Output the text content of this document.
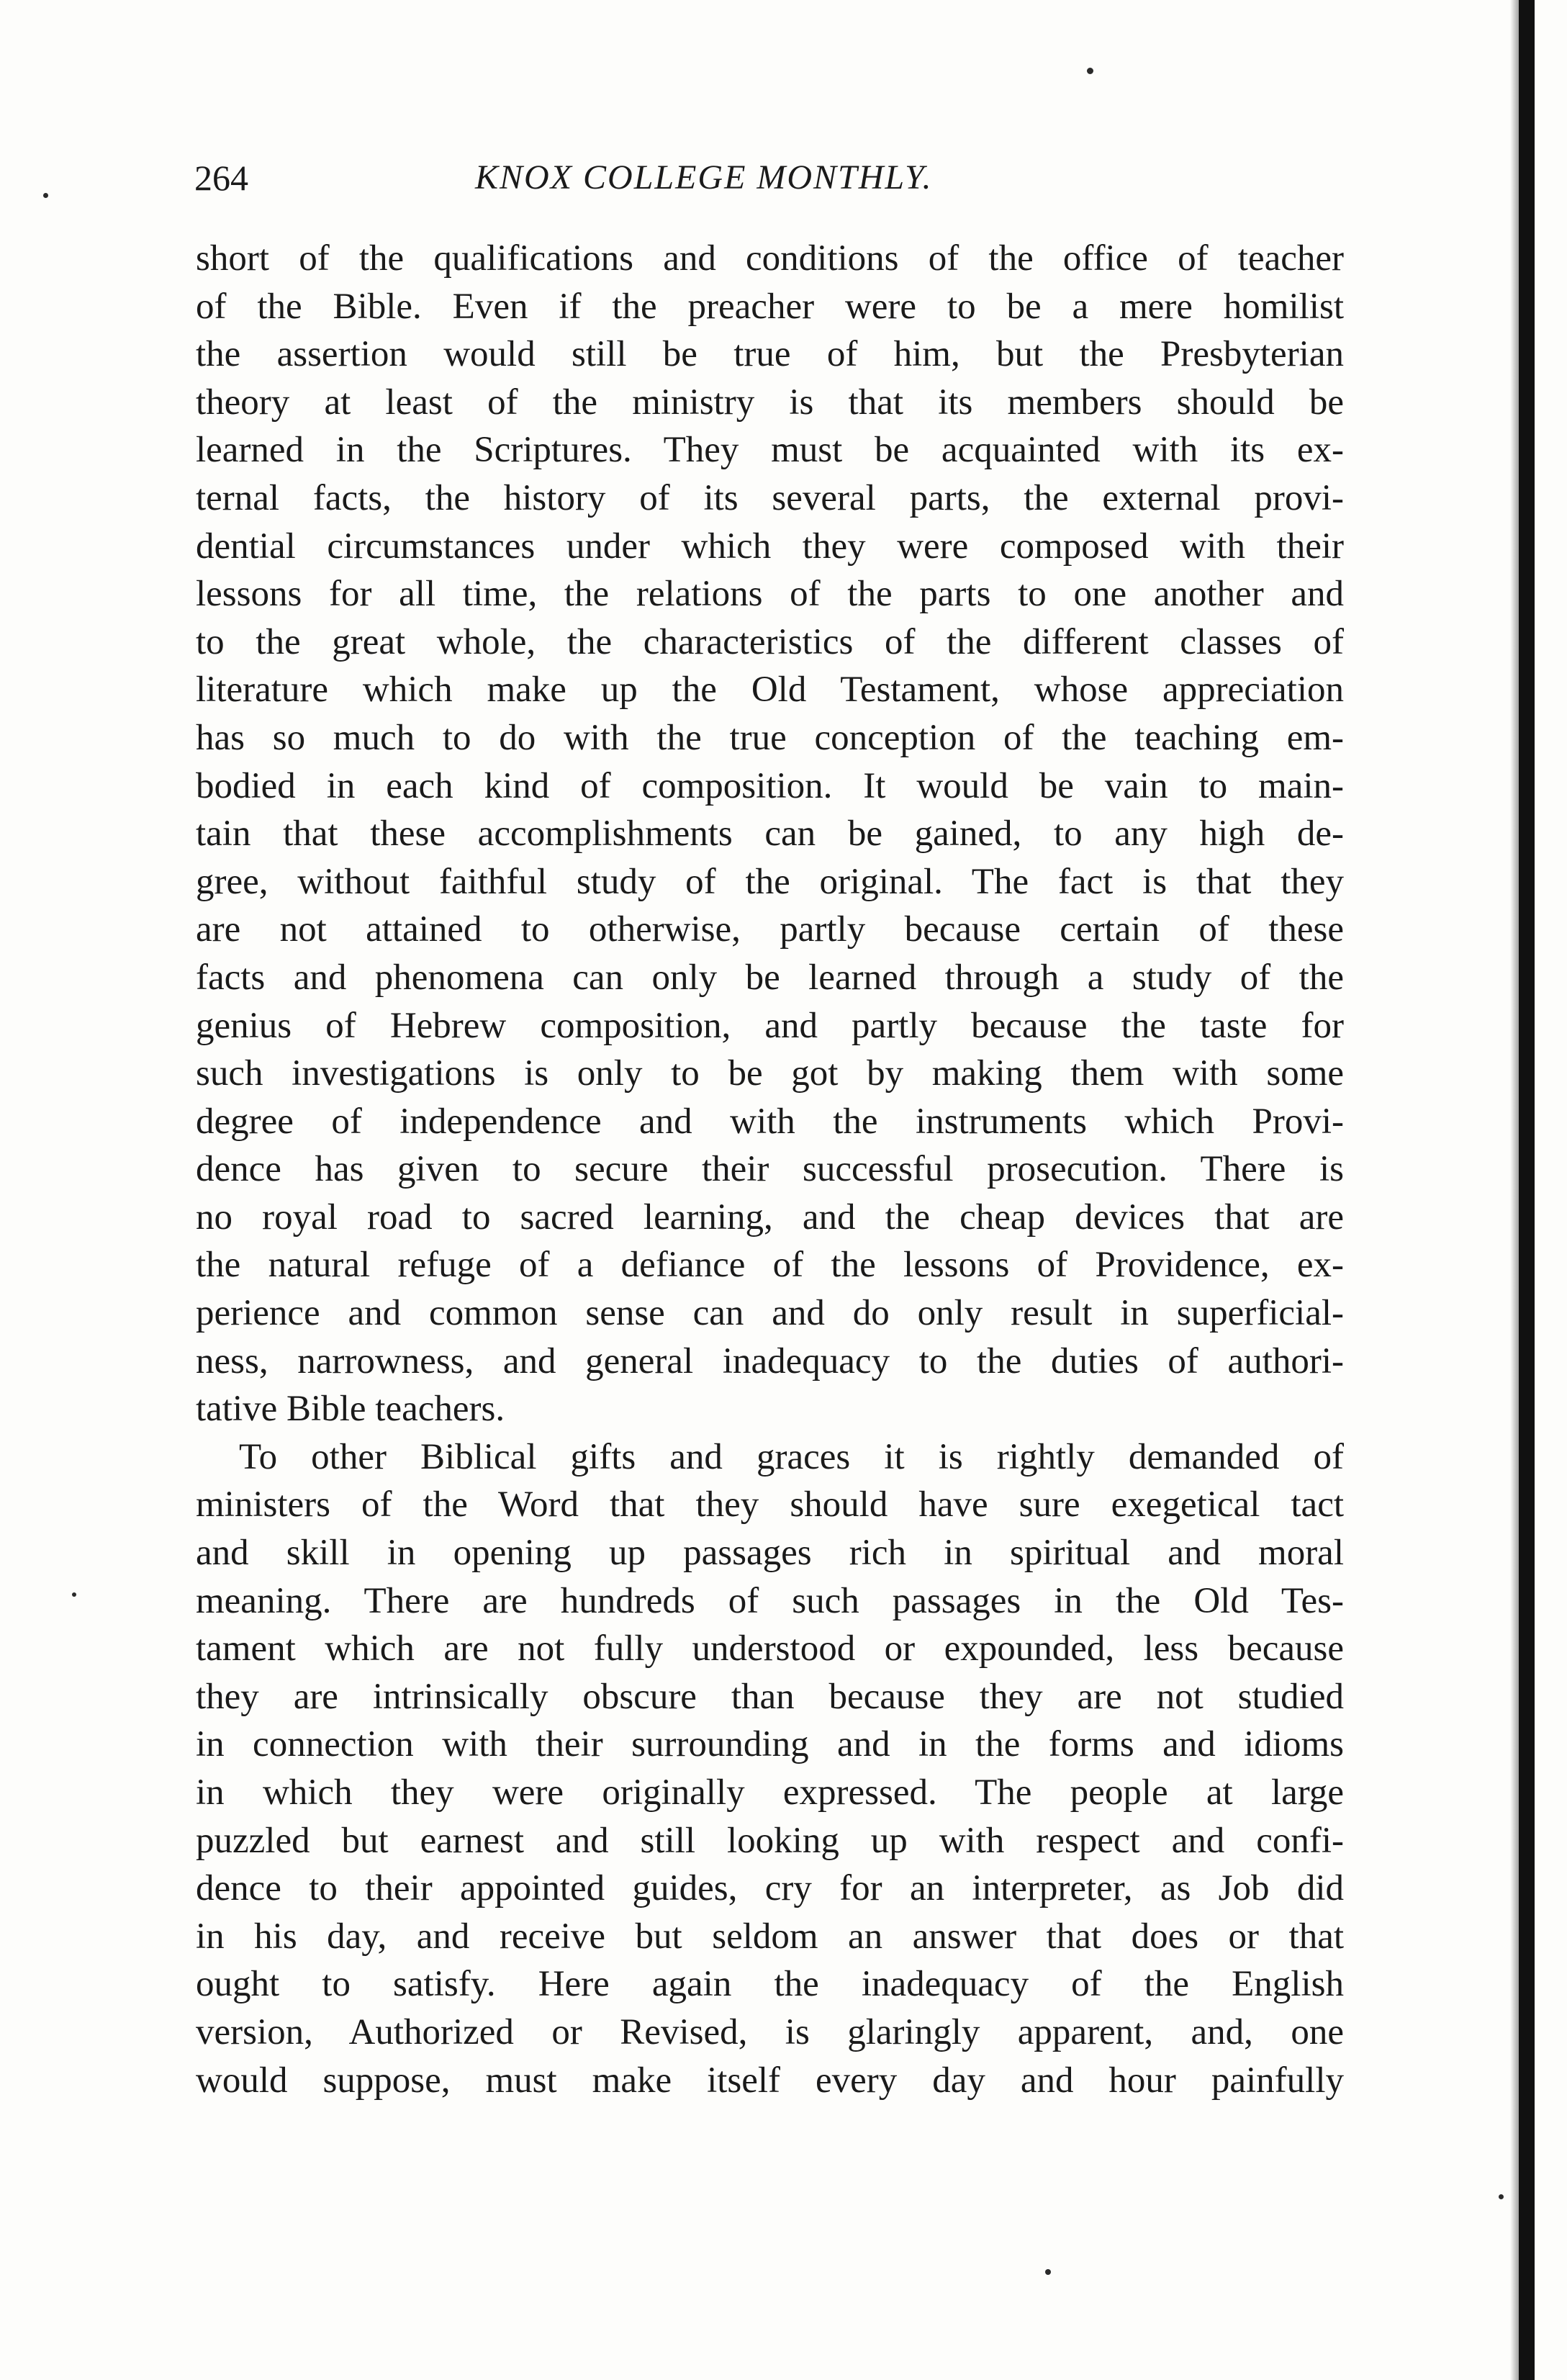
264	KNOX COLLEGE MONTHLY.
short of the qualifications and conditions of the office of teacher
of the Bible. Even if the preacher were to be a mere homilist
the assertion would still be true of him, but the Presbyterian
theory at least of the ministry is that its members should be
learned in the Scriptures. They must be acquainted with its ex-
ternal facts, the history of its several parts, the external provi-
dential circumstances under which they were composed with their
lessons for all time, the relations of the parts to one another and
to the great whole, the characteristics of the different classes of
literature which make up the Old Testament, whose appreciation
has so much to do with the true conception of the teaching em-
bodied in each kind of composition. It would be vain to main-
tain that these accomplishments can be gained, to any high de-
gree, without faithful study of the original. The fact is that they
are not attained to otherwise, partly because certain of these
facts and phenomena can only be learned through a study of the
genius of Hebrew composition, and partly because the taste for
such investigations is only to be got by making them with some
degree of independence and with the instruments which Provi-
dence has given to secure their successful prosecution. There is
no royal road to sacred learning, and the cheap devices that are
the natural refuge of a defiance of the lessons of Providence, ex-
perience and common sense can and do only result in superficial-
ness, narrowness, and general inadequacy to the duties of authori-
tative Bible teachers.
To other Biblical gifts and graces it is rightly demanded of
ministers of the Word that they should have sure exegetical tact
and skill in opening up passages rich in spiritual and moral
meaning. There are hundreds of such passages in the Old Tes-
tament which are not fully understood or expounded, less because
they are intrinsically obscure than because they are not studied
in connection with their surrounding and in the forms and idioms
in which they were originally expressed. The people at large
puzzled but earnest and still looking up with respect and confi-
dence to their appointed guides, cry for an interpreter, as Job did
in his day, and receive but seldom an answer that does or that
ought to satisfy. Here again the inadequacy of the English
version, Authorized or Revised, is glaringly apparent, and, one
would suppose, must make itself every day and hour painfully
